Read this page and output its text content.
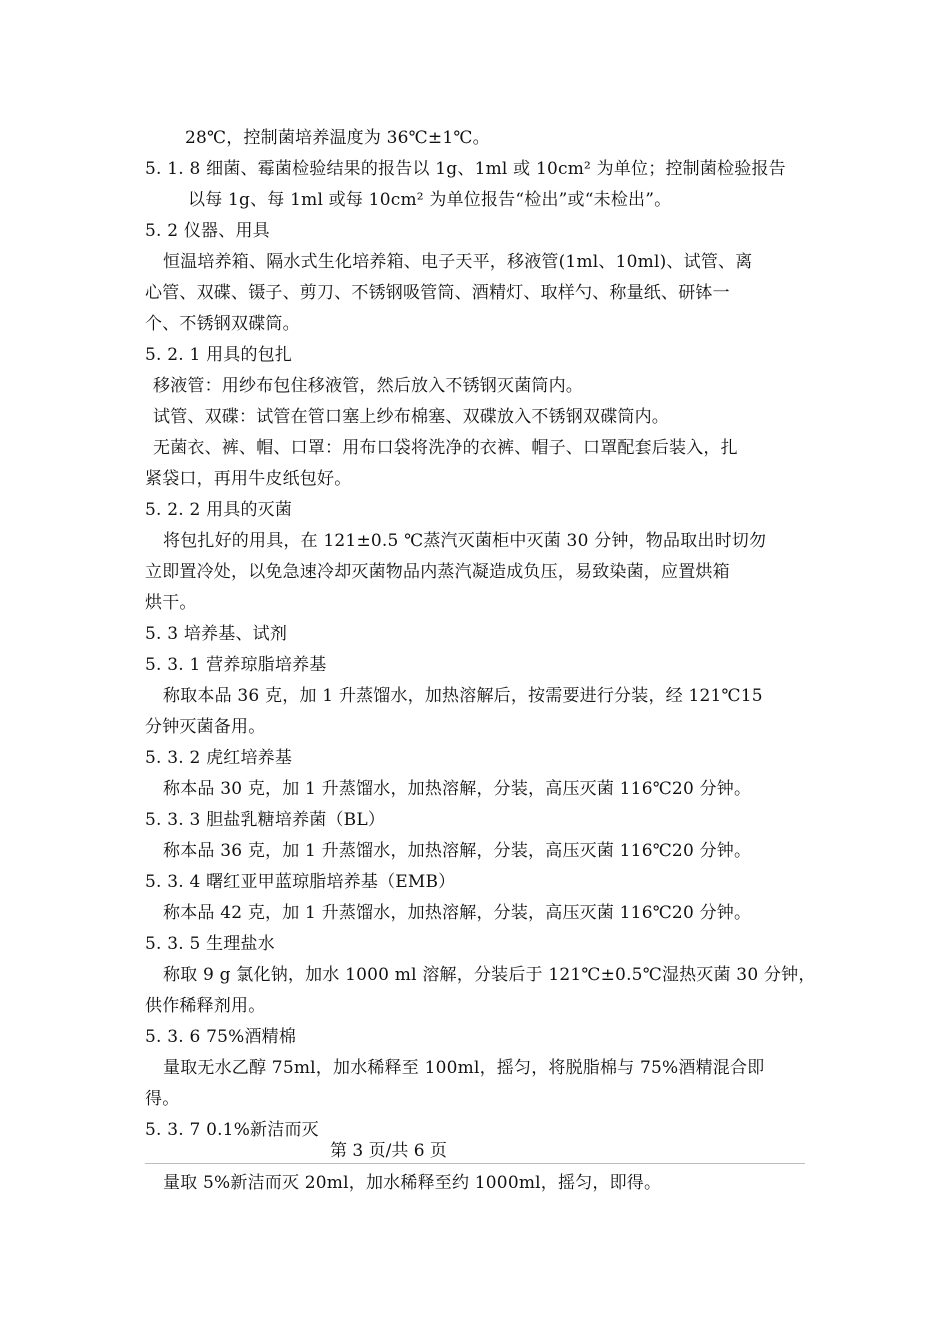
28℃，控制菌培养温度为 36℃±1℃。
5. 1. 8 细菌、霉菌检验结果的报告以 1g、1ml 或 10cm² 为单位；控制菌检验报告
以每 1g、每 1ml 或每 10cm² 为单位报告“检出”或“未检出”。
5. 2 仪器、用具
恒温培养箱、隔水式生化培养箱、电子天平，移液管(1ml、10ml)、试管、离
心管、双碟、镊子、剪刀、不锈钢吸管筒、酒精灯、取样勺、称量纸、研钵一
个、不锈钢双碟筒。
5. 2. 1 用具的包扎
移液管：用纱布包住移液管，然后放入不锈钢灭菌筒内。
试管、双碟：试管在管口塞上纱布棉塞、双碟放入不锈钢双碟筒内。
无菌衣、裤、帽、口罩：用布口袋将洗净的衣裤、帽子、口罩配套后装入，扎
紧袋口，再用牛皮纸包好。
5. 2. 2 用具的灭菌
将包扎好的用具，在 121±0.5 ℃蒸汽灭菌柜中灭菌 30 分钟，物品取出时切勿
立即置冷处，以免急速冷却灭菌物品内蒸汽凝造成负压，易致染菌，应置烘箱
烘干。
5. 3 培养基、试剂
5. 3. 1 营养琼脂培养基
称取本品 36 克，加 1 升蒸馏水，加热溶解后，按需要进行分装，经 121℃15
分钟灭菌备用。
5. 3. 2 虎红培养基
称本品 30 克，加 1 升蒸馏水，加热溶解，分装，高压灭菌 116℃20 分钟。
5. 3. 3 胆盐乳糖培养菌（BL）
称本品 36 克，加 1 升蒸馏水，加热溶解，分装，高压灭菌 116℃20 分钟。
5. 3. 4 曙红亚甲蓝琼脂培养基（EMB）
称本品 42 克，加 1 升蒸馏水，加热溶解，分装，高压灭菌 116℃20 分钟。
5. 3. 5 生理盐水
称取 9 g 氯化钠，加水 1000 ml 溶解，分装后于 121℃±0.5℃湿热灭菌 30 分钟，
供作稀释剂用。
5. 3. 6 75%酒精棉
量取无水乙醇 75ml，加水稀释至 100ml，摇匀，将脱脂棉与 75%酒精混合即
得。
5. 3. 7 0.1%新洁而灭
第 3 页/共 6 页
量取 5%新洁而灭 20ml，加水稀释至约 1000ml，摇匀，即得。
